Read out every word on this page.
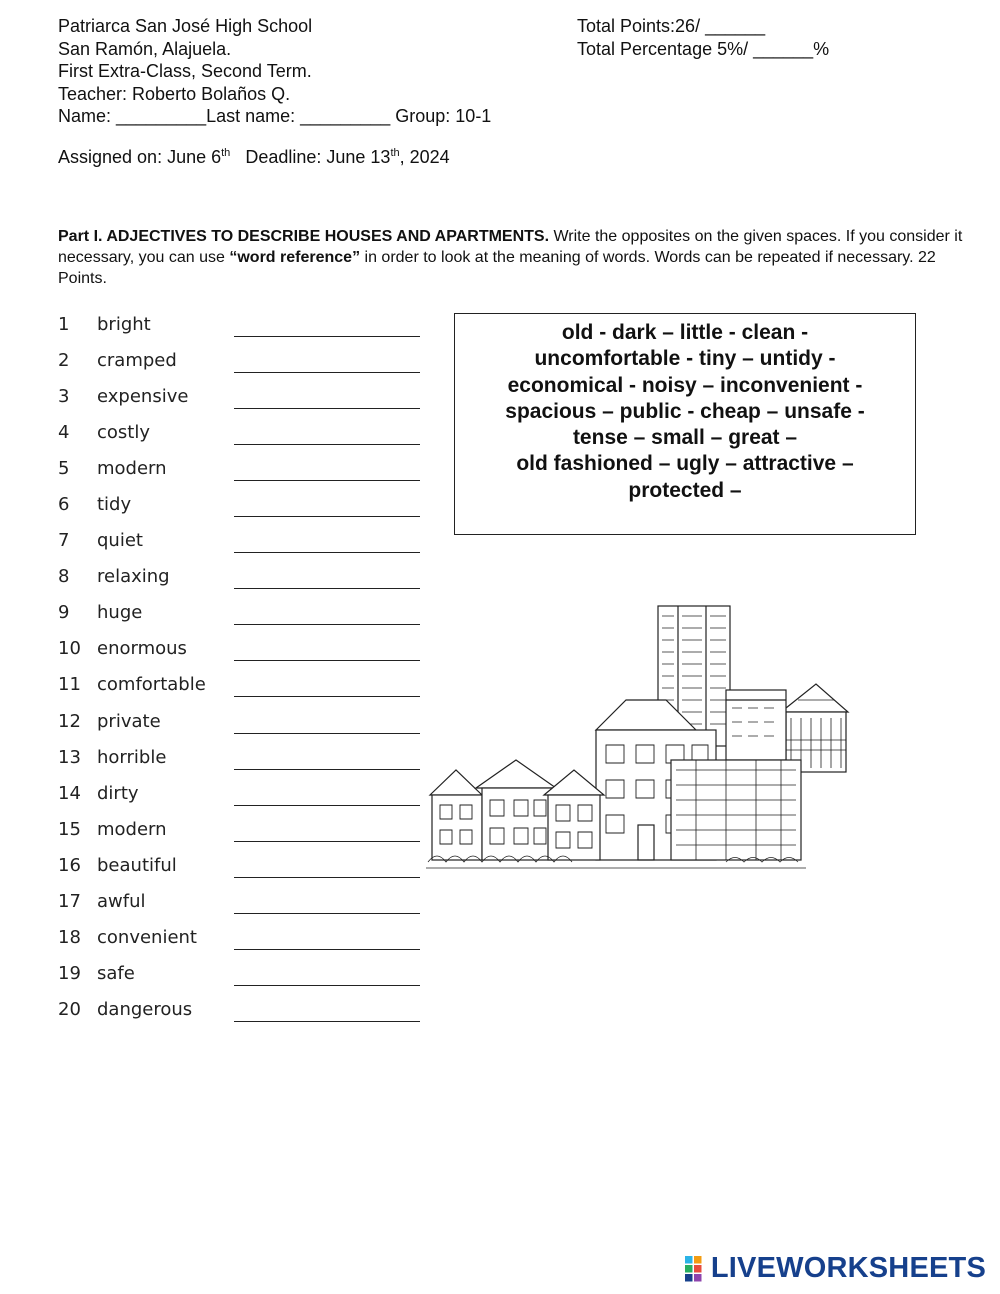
Patriarca San José High School
San Ramón, Alajuela.
First Extra-Class, Second Term.
Teacher: Roberto Bolaños Q.
Name: _________Last name: _________ Group: 10-1
Total Points:26/ ______
Total Percentage 5%/ ______%
Assigned on: June 6th Deadline: June 13th, 2024
Part I. ADJECTIVES TO DESCRIBE HOUSES AND APARTMENTS. Write the opposites on the given spaces. If you consider it necessary, you can use “word reference” in order to look at the meaning of words. Words can be repeated if necessary. 22 Points.
1	bright
2	cramped
3	expensive
4	costly
5	modern
6	tidy
7	quiet
8	relaxing
9	huge
10 enormous
11 comfortable
12 private
13 horrible
14 dirty
15 modern
16 beautiful
17 awful
18 convenient
19 safe
20 dangerous
old - dark – little - clean -
uncomfortable - tiny – untidy -
economical - noisy – inconvenient -
spacious – public - cheap – unsafe -
tense – small – great –
old fashioned – ugly – attractive –
protected –
LIVEWORKSHEETS
